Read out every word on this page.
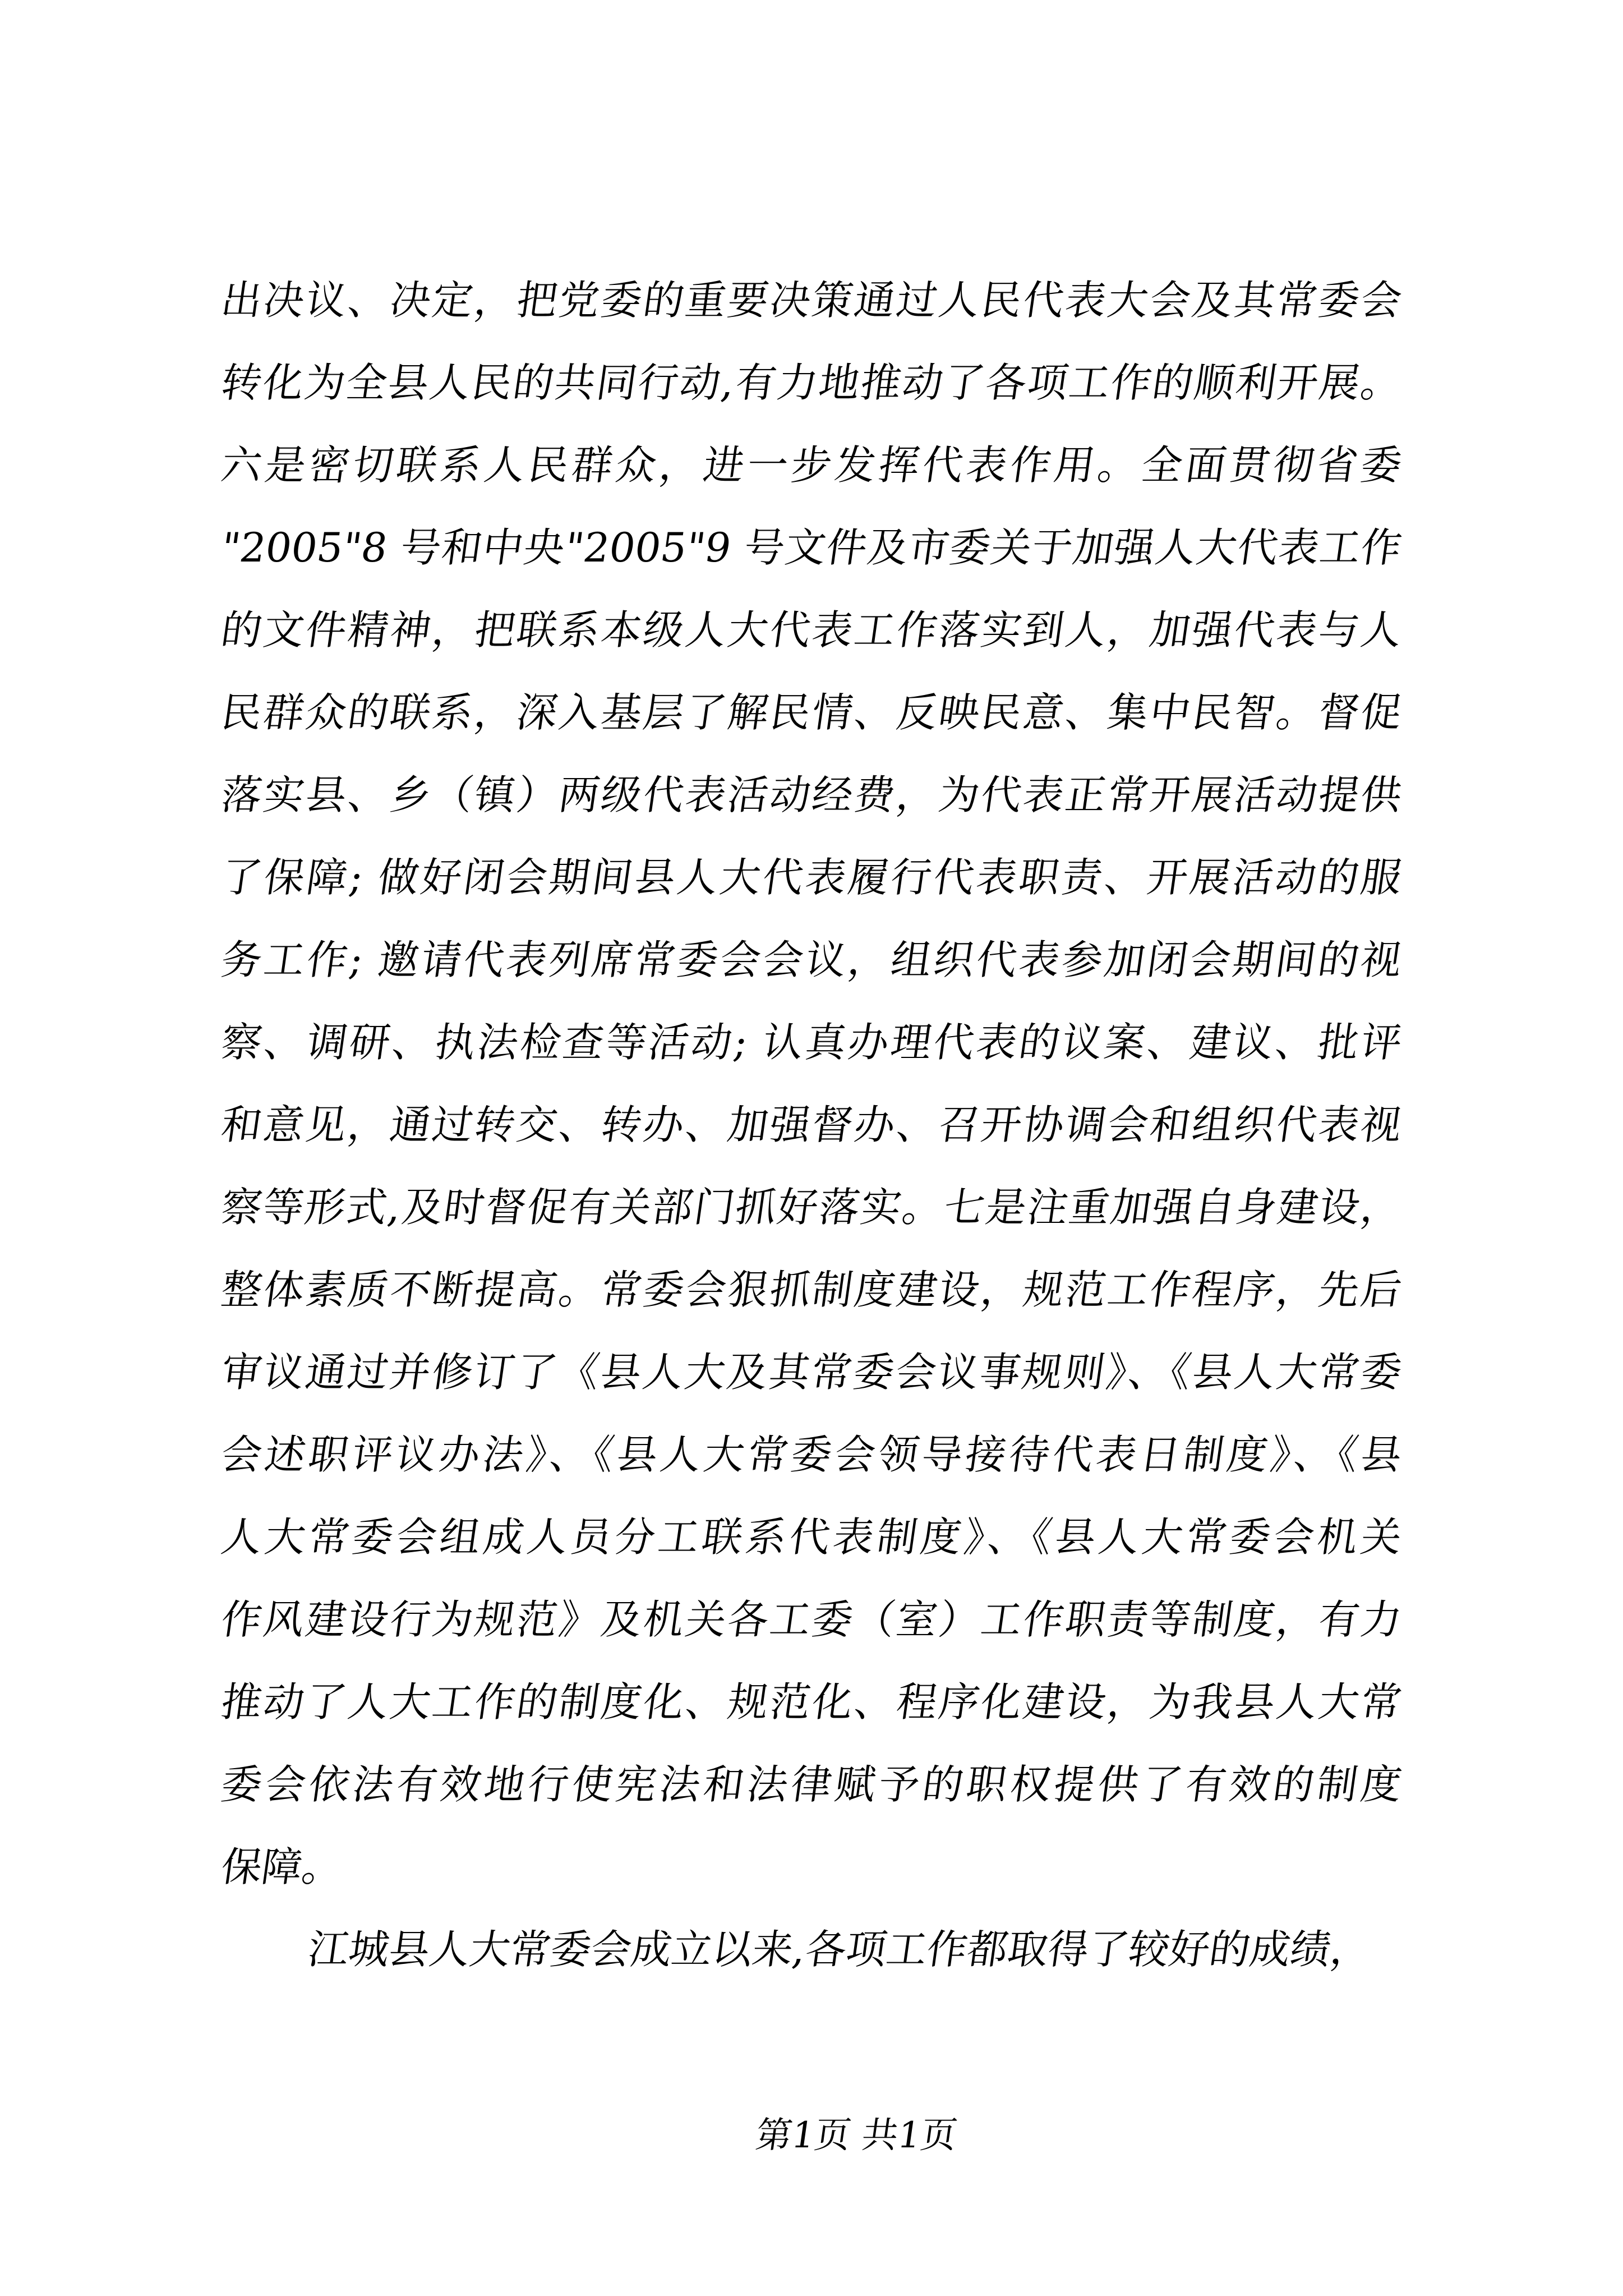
出决议、决定，把党委的重要决策通过人民代表大会及其常委会
转化为全县人民的共同行动,有力地推动了各项工作的顺利开展。
六是密切联系人民群众，进一步发挥代表作用。全面贯彻省委
"2005"8 号和中央"2005"9 号文件及市委关于加强人大代表工作
的文件精神，把联系本级人大代表工作落实到人，加强代表与人
民群众的联系，深入基层了解民情、反映民意、集中民智。督促
落实县、乡（镇）两级代表活动经费，为代表正常开展活动提供
了保障; 做好闭会期间县人大代表履行代表职责、开展活动的服
务工作; 邀请代表列席常委会会议，组织代表参加闭会期间的视
察、调研、执法检查等活动; 认真办理代表的议案、建议、批评
和意见，通过转交、转办、加强督办、召开协调会和组织代表视
察等形式,及时督促有关部门抓好落实。七是注重加强自身建设，
整体素质不断提高。常委会狠抓制度建设，规范工作程序，先后
审议通过并修订了《县人大及其常委会议事规则》、《县人大常委
会述职评议办法》、《县人大常委会领导接待代表日制度》、《县
人大常委会组成人员分工联系代表制度》、《县人大常委会机关
作风建设行为规范》及机关各工委（室）工作职责等制度，有力
推动了人大工作的制度化、规范化、程序化建设，为我县人大常
委会依法有效地行使宪法和法律赋予的职权提供了有效的制度
保障。
江城县人大常委会成立以来,各项工作都取得了较好的成绩，
第1页 共1页
